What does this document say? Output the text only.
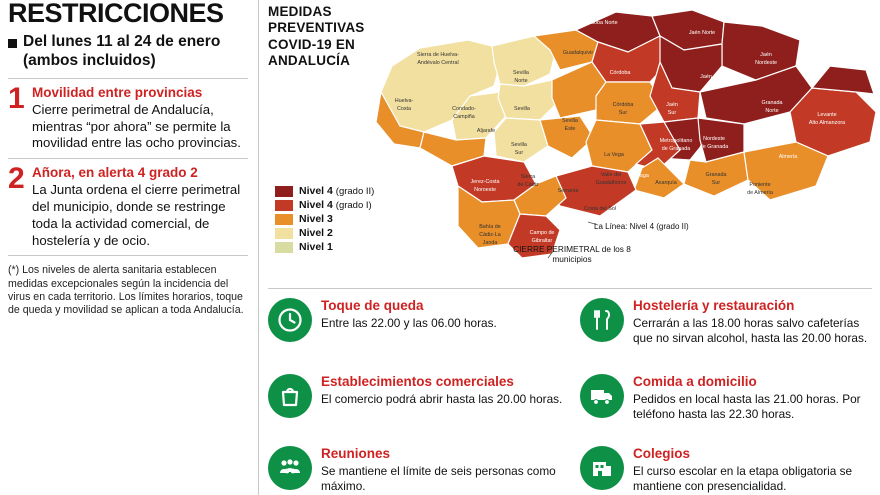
RESTRICCIONES
Del lunes 11 al 24 de enero (ambos incluidos)
1 Movilidad entre provincias
Cierre perimetral de Andalucía, mientras “por ahora” se permite la movilidad entre las ocho provincias.
2 Añora, en alerta 4 grado 2
La Junta ordena el cierre perimetral del municipio, donde se restringe toda la actividad comercial, de hostelería y de ocio.
(*) Los niveles de alerta sanitaria establecen medidas excepcionales según la incidencia del virus en cada territorio. Los límites horarios, toque de queda y movilidad se aplican a toda Andalucía.
MEDIDAS PREVENTIVAS COVID-19 EN ANDALUCÍA
Córdoba Norte
Jaén Norte
Sierra de Huelva-
Andévalo Central
Guadalquivir	Jaén
Nordeste
Sevilla
Norte
Córdoba
Jaén
Huelva-
Costa	Condado-
Campiña
Sevilla
Córdoba
Sur
Jaén
Sur
Granada
Norte
Levante
Alto Almanzora
Aljarafe
Sevilla
Este
Sevilla
Sur	La Vega
Metropolitano
de Granada
Nordeste
de Granada
Almería
Sierra
de Cádiz
Valle del
Guadalhorce	Axarquía
Granada
Sur	Poniente
de Almería
Málaga
Serranía
Costa del Sol
Jerez-Costa
Noroeste
Bahía de
Cádiz-La
Janda
Campo de
Gibraltar
Nivel 4 (grado II)
Nivel 4 (grado I)
Nivel 3
Nivel 2
Nivel 1
La Línea: Nivel 4 (grado II)
CIERRE PERIMETRAL de los 8 municipios
Toque de queda
Entre las 22.00 y las 06.00 horas.
Establecimientos comerciales
El comercio podrá abrir hasta las 20.00 horas.
Reuniones
Se mantiene el límite de seis personas como máximo.
Hostelería y restauración
Cerrarán a las 18.00 horas salvo cafeterías que no sirvan alcohol, hasta las 20.00 horas.
Comida a domicilio
Pedidos en local hasta las 21.00 horas. Por teléfono hasta las 22.30 horas.
Colegios
El curso escolar en la etapa obligatoria se mantiene con presencialidad.
